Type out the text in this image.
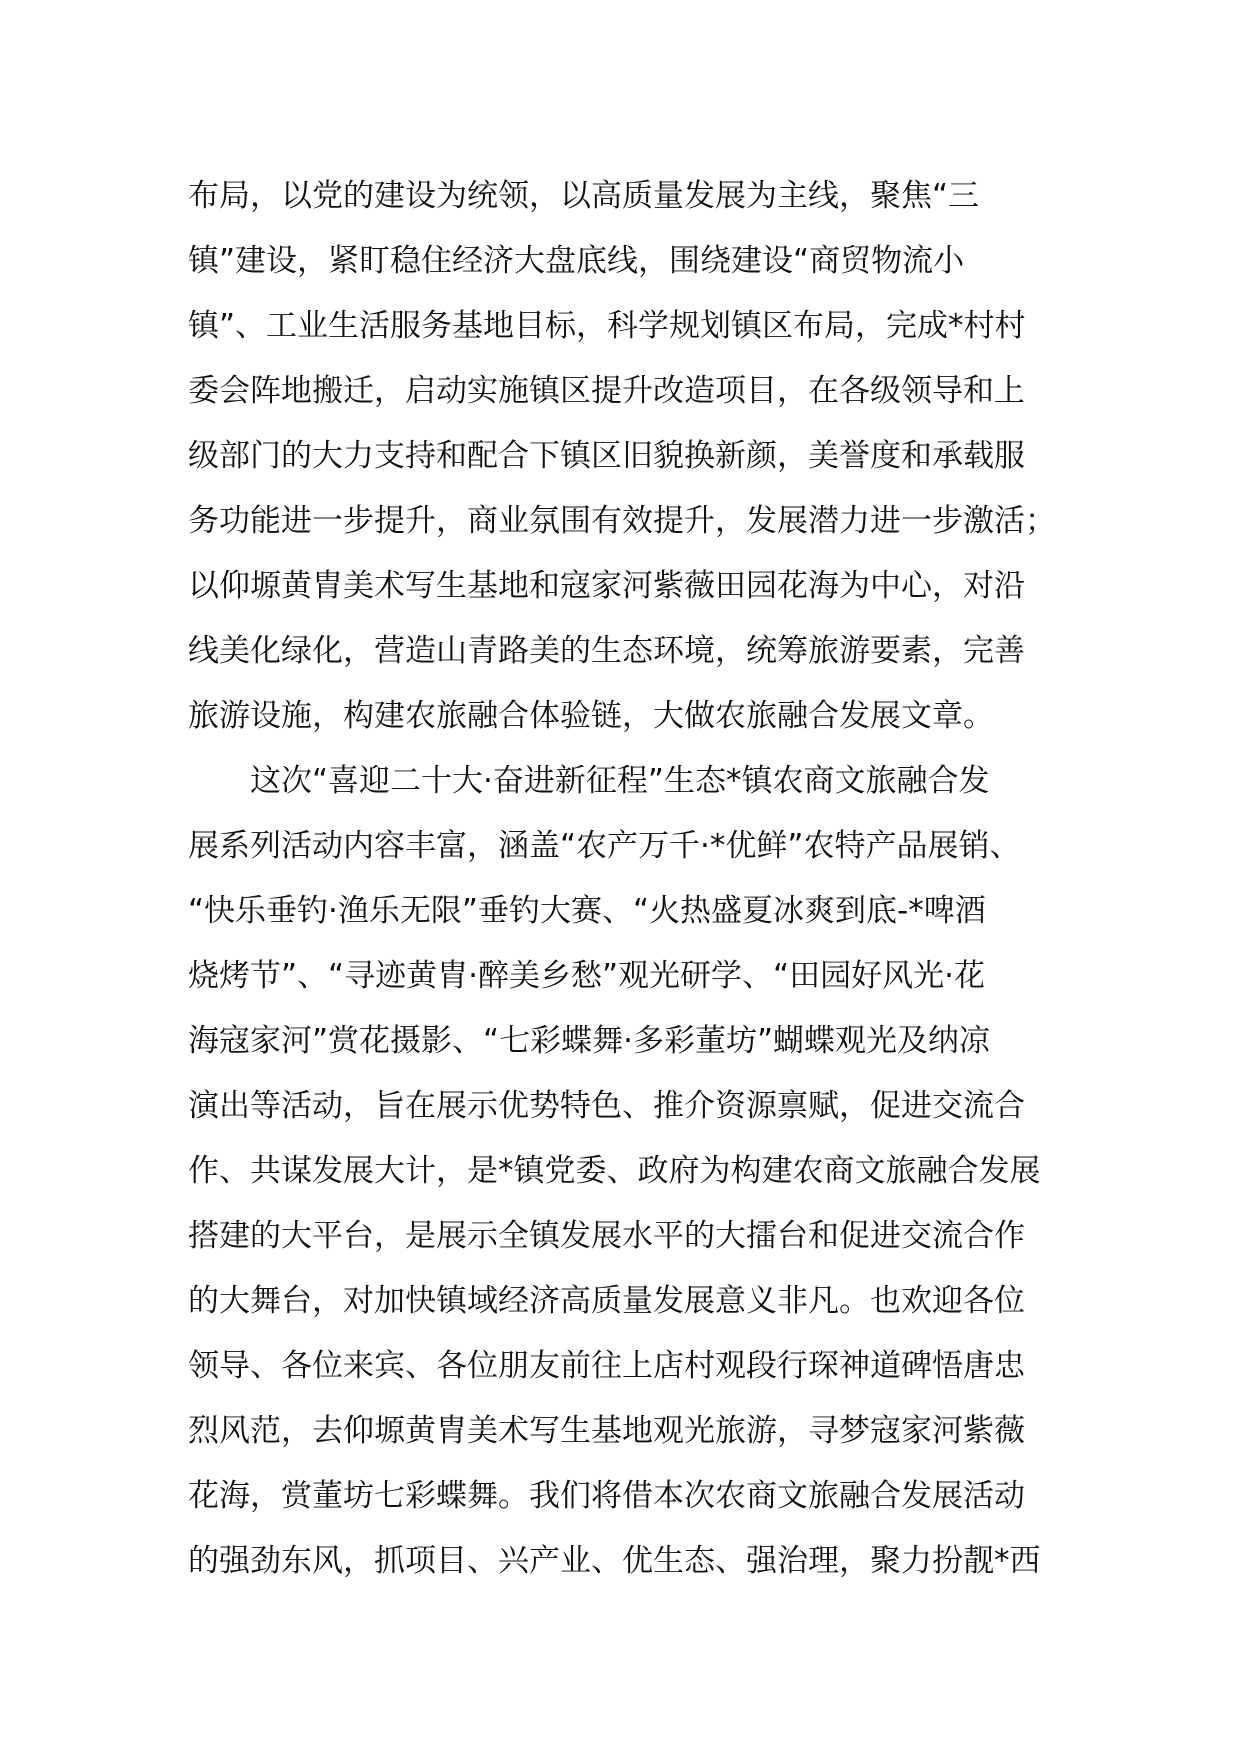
布局，以党的建设为统领，以高质量发展为主线，聚焦“三
镇”建设，紧盯稳住经济大盘底线，围绕建设“商贸物流小
镇”、工业生活服务基地目标，科学规划镇区布局，完成*村村
委会阵地搬迁，启动实施镇区提升改造项目，在各级领导和上
级部门的大力支持和配合下镇区旧貌换新颜，美誉度和承载服
务功能进一步提升，商业氛围有效提升，发展潜力进一步激活；
以仰塬黄胄美术写生基地和寇家河紫薇田园花海为中心，对沿
线美化绿化，营造山青路美的生态环境，统筹旅游要素，完善
旅游设施，构建农旅融合体验链，大做农旅融合发展文章。
这次“喜迎二十大·奋进新征程”生态*镇农商文旅融合发
展系列活动内容丰富，涵盖“农产万千·*优鲜”农特产品展销、
“快乐垂钓·渔乐无限”垂钓大赛、“火热盛夏冰爽到底-*啤酒
烧烤节”、“寻迹黄胄·醉美乡愁”观光研学、“田园好风光·花
海寇家河”赏花摄影、“七彩蝶舞·多彩董坊”蝴蝶观光及纳凉
演出等活动，旨在展示优势特色、推介资源禀赋，促进交流合
作、共谋发展大计，是*镇党委、政府为构建农商文旅融合发展
搭建的大平台，是展示全镇发展水平的大擂台和促进交流合作
的大舞台，对加快镇域经济高质量发展意义非凡。也欢迎各位
领导、各位来宾、各位朋友前往上店村观段行琛神道碑悟唐忠
烈风范，去仰塬黄胄美术写生基地观光旅游，寻梦寇家河紫薇
花海，赏董坊七彩蝶舞。我们将借本次农商文旅融合发展活动
的强劲东风，抓项目、兴产业、优生态、强治理，聚力扮靓*西
